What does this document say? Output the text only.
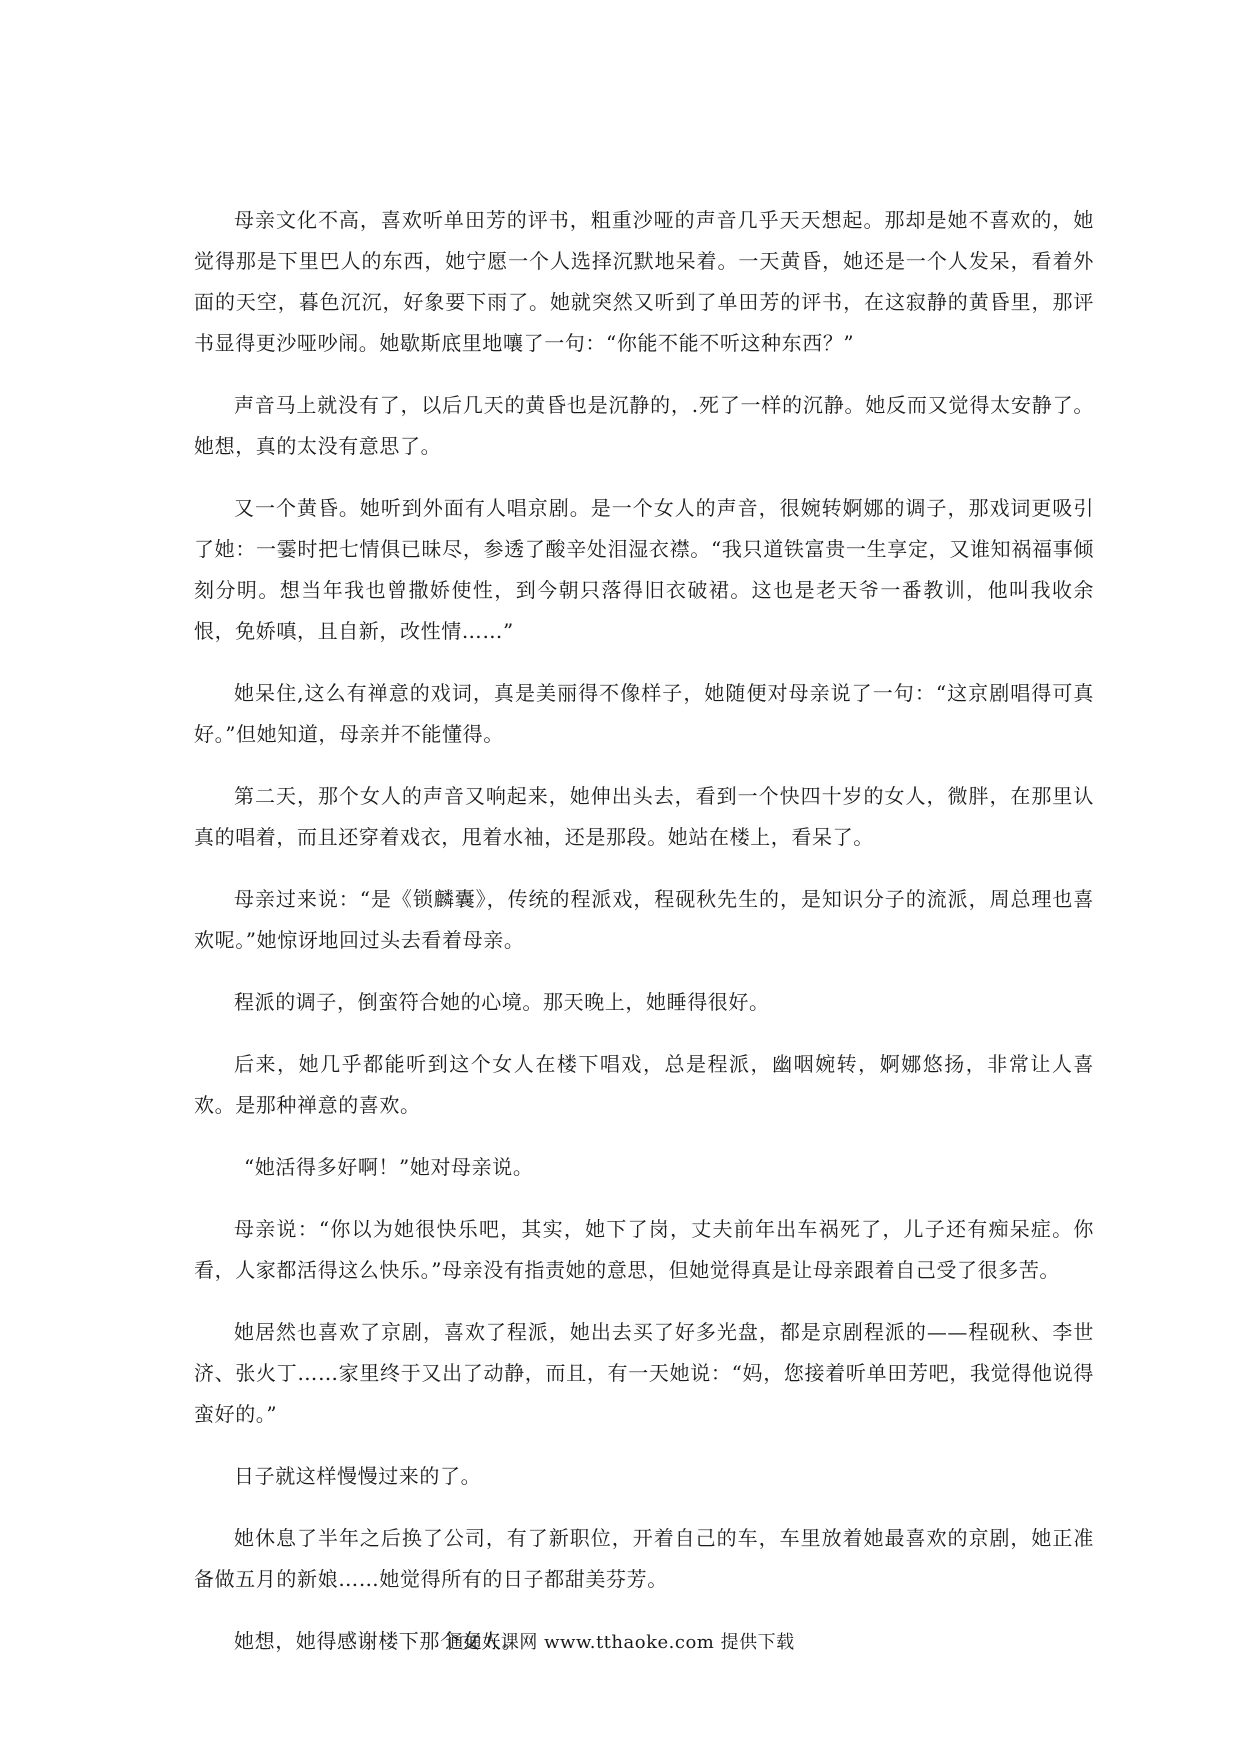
母亲文化不高，喜欢听单田芳的评书，粗重沙哑的声音几乎天天想起。那却是她不喜欢的，她觉得那是下里巴人的东西，她宁愿一个人选择沉默地呆着。一天黄昏，她还是一个人发呆，看着外面的天空，暮色沉沉，好象要下雨了。她就突然又听到了单田芳的评书，在这寂静的黄昏里，那评书显得更沙哑吵闹。她歇斯底里地嚷了一句：“你能不能不听这种东西？”

声音马上就没有了，以后几天的黄昏也是沉静的，.死了一样的沉静。她反而又觉得太安静了。她想，真的太没有意思了。

又一个黄昏。她听到外面有人唱京剧。是一个女人的声音，很婉转婀娜的调子，那戏词更吸引了她：一霎时把七情俱已昧尽，参透了酸辛处泪湿衣襟。“我只道铁富贵一生享定，又谁知祸福事倾刻分明。想当年我也曾撒娇使性，到今朝只落得旧衣破裙。这也是老天爷一番教训，他叫我收余恨，免娇嗔，且自新，改性情……”

她呆住,这么有禅意的戏词，真是美丽得不像样子，她随便对母亲说了一句：“这京剧唱得可真好。”但她知道，母亲并不能懂得。

第二天，那个女人的声音又响起来，她伸出头去，看到一个快四十岁的女人，微胖，在那里认真的唱着，而且还穿着戏衣，甩着水袖，还是那段。她站在楼上，看呆了。

母亲过来说：“是《锁麟囊》，传统的程派戏，程砚秋先生的，是知识分子的流派，周总理也喜欢呢。”她惊讶地回过头去看着母亲。

程派的调子，倒蛮符合她的心境。那天晚上，她睡得很好。

后来，她几乎都能听到这个女人在楼下唱戏，总是程派，幽咽婉转，婀娜悠扬，非常让人喜欢。是那种禅意的喜欢。

“她活得多好啊！”她对母亲说。

母亲说：“你以为她很快乐吧，其实，她下了岗，丈夫前年出车祸死了，儿子还有痴呆症。你看，人家都活得这么快乐。”母亲没有指责她的意思，但她觉得真是让母亲跟着自己受了很多苦。

她居然也喜欢了京剧，喜欢了程派，她出去买了好多光盘，都是京剧程派的——程砚秋、李世济、张火丁……家里终于又出了动静，而且，有一天她说：“妈，您接着听单田芳吧，我觉得他说得蛮好的。”

日子就这样慢慢过来的了。

她休息了半年之后换了公司，有了新职位，开着自己的车，车里放着她最喜欢的京剧，她正准备做五月的新娘……她觉得所有的日子都甜美芬芳。

她想，她得感谢楼下那个女人。

通通好课网 www.tthaoke.com 提供下载
